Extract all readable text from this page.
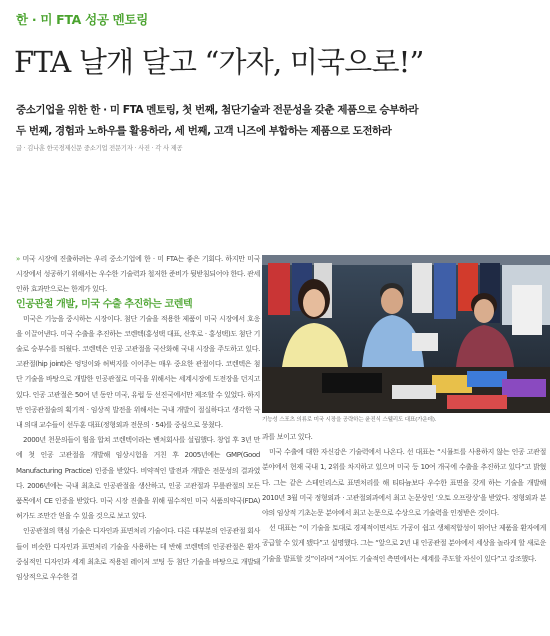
한 · 미 FTA 성공 멘토링
FTA 날개 달고 “가자, 미국으로!”
중소기업을 위한 한 · 미 FTA 멘토링, 첫 번째, 첨단기술과 전문성을 갖춘 제품으로 승부하라
두 번째, 경험과 노하우를 활용하라, 세 번째, 고객 니즈에 부합하는 제품으로 도전하라
글 · 김나훈 한국경제신문 중소기업 전문기자 · 사진 · 각 사 제공

» 미국 시장에 진출하려는 우리 중소기업에 한 · 미 FTA는 좋은 기회다. 하지만 미국 시장에서 성공하기 위해서는 우수한 기술력과 철저한 준비가 뒷받침되어야 한다. 관세 인하 효과만으로는 한계가 있다.

인공관절 개발, 미국 수출 추진하는 코렌텍

미국은 기능을 중시하는 시장이다. 첨단 기술을 적용한 제품이 미국 시장에서 호응을 이끌어낸다. 미국 수출을 추진하는 코렌텍(홍성택 대표, 산후로 · 홍성택)도 첨단 기술로 승부수를 띄웠다. 코렌텍은 인공 고관절을 국산화해 국내 시장을 주도하고 있다. 고관절(hip joint)은 엉덩이와 허벅지를 이어주는 매우 중요한 관절이다. 코렌텍은 첨단 기술을 바탕으로 개발한 인공관절로 미국을 위해서는 세계시장에 도전장을 던지고 있다. 인공 고관절은 50여 년 동안 미국, 유럽 등 선진국에서만 제조할 수 있었다. 하지만 인공관절술의 획기적 · 임상적 발전을 위해서는 국내 개발이 절실하다고 생각한 국내 의대 교수들이 선두훈 대표(정형외과 전문의 · 54)를 중심으로 뭉쳤다.

2000년 천문의들이 힘을 합쳐 코렌텍이라는 벤처회사를 설립했다. 창업 후 3년 만에 첫 인공 고관절을 개발해 임상시험을 거친 후 2005년에는 GMP(Good Manufacturing Practice) 인증을 받았다. 비약적인 발전과 개발은 전문성의 결과였다. 2006년에는 국내 최초로 인공관절을 생산하고, 인공 고관절과 무릎관절의 모든 품목에서 CE 인증을 받았다. 미국 시장 진출을 위해 필수적인 미국 식품의약국(FDA) 허가도 조만간 얻을 수 있을 것으로 보고 있다.

인공관절의 핵심 기술은 디자인과 표면처리 기술이다. 다른 대부분의 인공관절 회사들이 비슷한 디자인과 표면처리 기술을 사용하는 데 반해 코렌텍의 인공관절은 환자 중심적인 디자인과 세계 최초로 적용된 레이저 코팅 등 첨단 기술을 바탕으로 개발돼 임상적으로 우수한 결

기능성 스포츠 의류로 미국 시장을 공략하는 윤진식 스웰리도 대표(가운데).

과를 보이고 있다.

미국 수출에 대한 자신감은 기술력에서 나온다. 선 대표는 “시뮬트를 사용하지 않는 인공 고관절 분야에서 현재 국내 1, 2위를 차지하고 있으며 미국 등 10여 개국에 수출을 추진하고 있다”고 밝혔다. 그는 같은 스테인리스로 표면처리를 해 티타늄보다 우수한 표면을 갖게 하는 기술을 개발해 2010년 3월 미국 정형외과 · 고관절외과에서 최고 논문상인 ‘오토 오프랑상’을 받았다. 정형외과 분야의 임상적 기초논문 분야에서 최고 논문으로 수상으로 기술력을 인정받은 것이다.

선 대표는 “이 기술을 토대로 경제적이면서도 가공이 쉽고 생체적합성이 뛰어난 제품을 환자에게 공급할 수 있게 됐다”고 설명했다. 그는 “앞으로 2년 내 인공관절 분야에서 세상을 놀라게 할 새로운 기술을 발표할 것”이라며 “저어도 기술적인 측면에서는 세계를 주도할 자신이 있다”고 강조했다.
